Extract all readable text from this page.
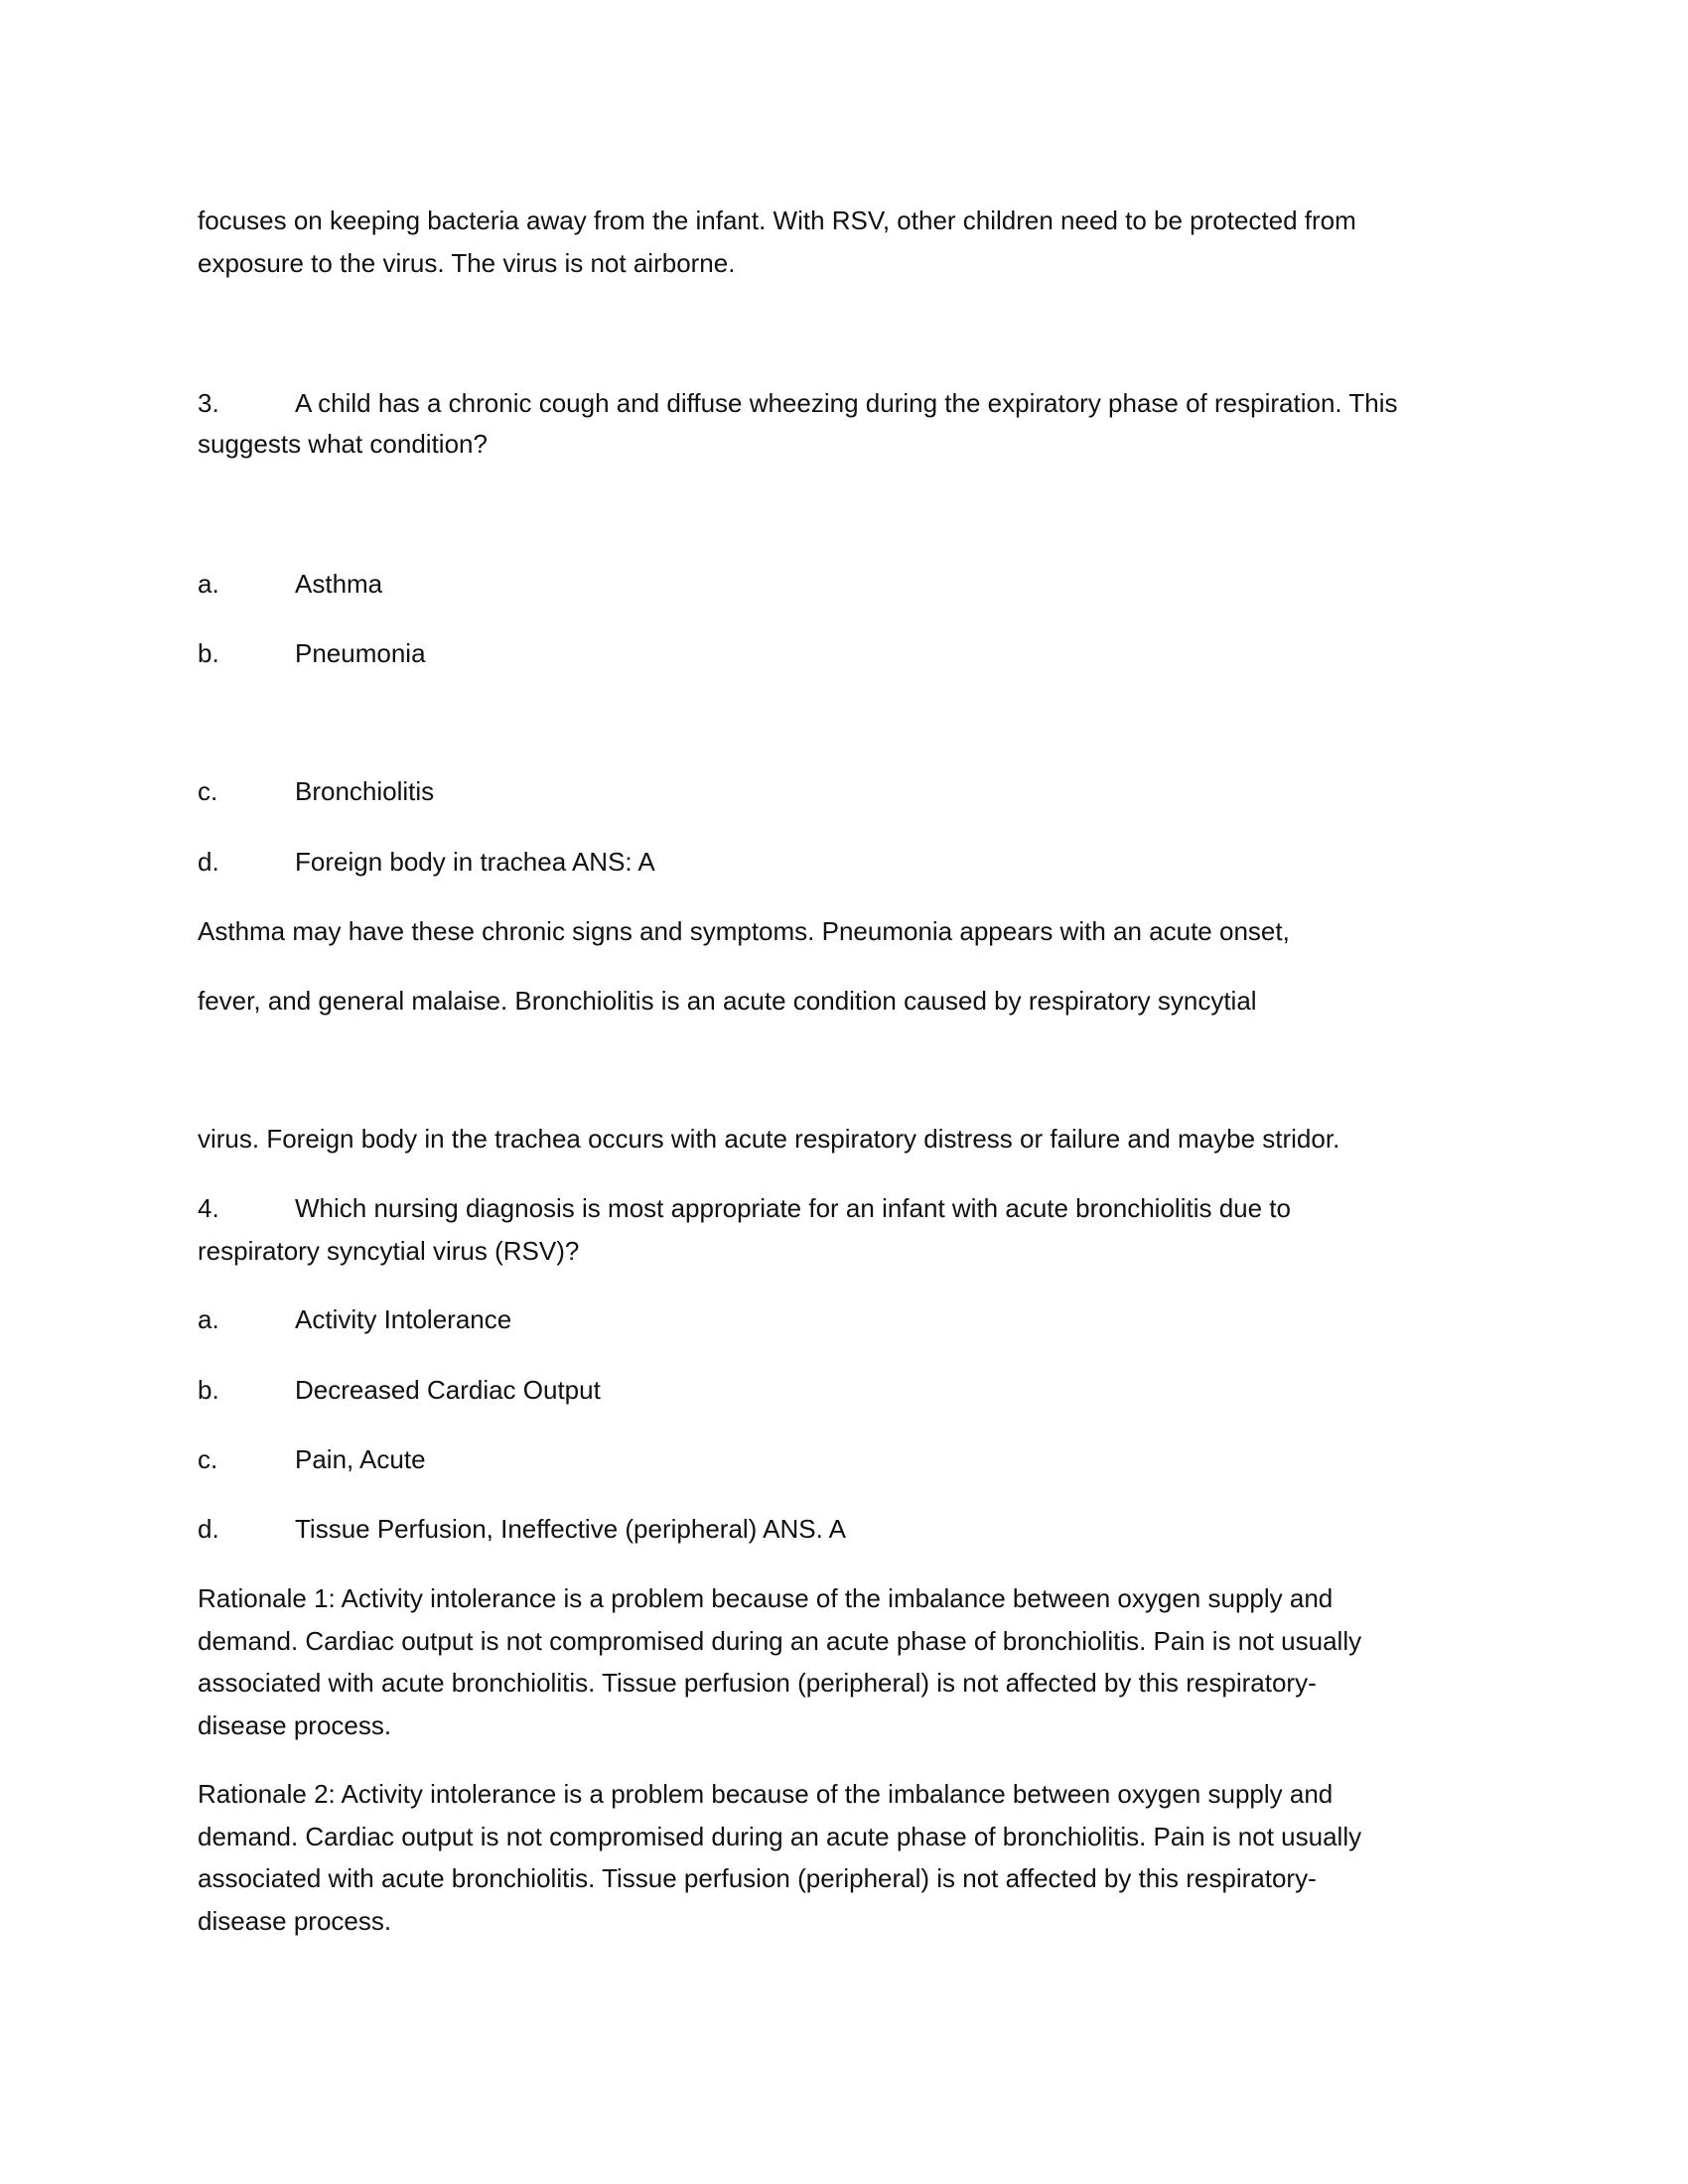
focuses on keeping bacteria away from the infant. With RSV, other children need to be protected from
exposure to the virus. The virus is not airborne.
3.	A child has a chronic cough and diffuse wheezing during the expiratory phase of respiration. This
suggests what condition?
a.	Asthma
b.	Pneumonia
c.	Bronchiolitis
d.	Foreign body in trachea ANS: A
Asthma may have these chronic signs and symptoms. Pneumonia appears with an acute onset,
fever, and general malaise. Bronchiolitis is an acute condition caused by respiratory syncytial
virus. Foreign body in the trachea occurs with acute respiratory distress or failure and maybe stridor.
4.	Which nursing diagnosis is most appropriate for an infant with acute bronchiolitis due to
respiratory syncytial virus (RSV)?
a.	Activity Intolerance
b.	Decreased Cardiac Output
c.	Pain, Acute
d.	Tissue Perfusion, Ineffective (peripheral) ANS. A
Rationale 1: Activity intolerance is a problem because of the imbalance between oxygen supply and
demand. Cardiac output is not compromised during an acute phase of bronchiolitis. Pain is not usually
associated with acute bronchiolitis. Tissue perfusion (peripheral) is not affected by this respiratory-
disease process.
Rationale 2: Activity intolerance is a problem because of the imbalance between oxygen supply and
demand. Cardiac output is not compromised during an acute phase of bronchiolitis. Pain is not usually
associated with acute bronchiolitis. Tissue perfusion (peripheral) is not affected by this respiratory-
disease process.
